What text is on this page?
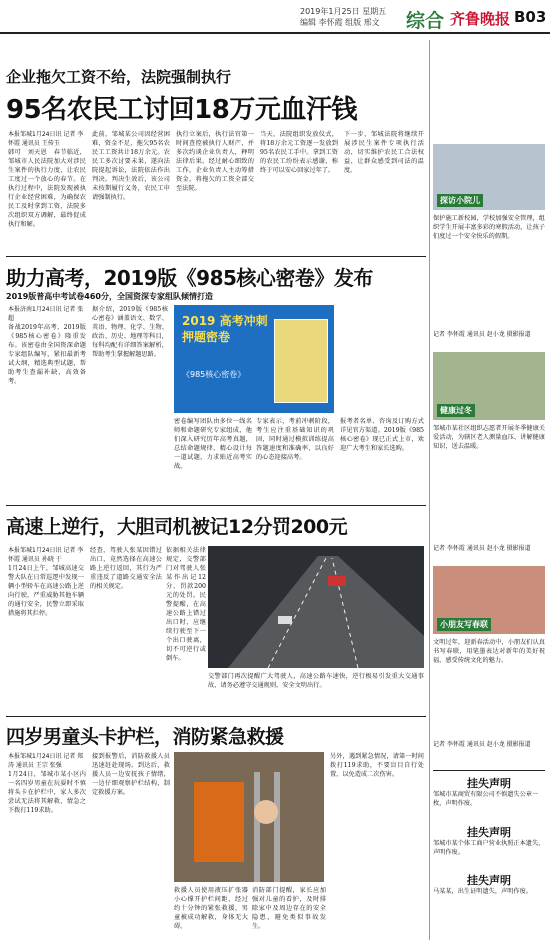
2019年1月25日 星期五
编辑 李怀霞 组版 邢文 综合 齐鲁晚报 B03
企业拖欠工资不给，法院强制执行
95名农民工讨回18万元血汗钱
本报邹城1月24日讯 记者 李怀霞 通讯员 王传玉
韩可　刘天恩　春节临近，邹城市人民法院加大对涉民生案件的执行力度，让农民工度过一个放心的春节。在执行过程中，法院发现被执行企业经营困难，为确保农民工及时拿到工资，法院多次组织双方调解，最终促成执行和解。
此前，邹城某公司因经营困难，资金不足，拖欠95名农民工工资共计18万余元。农民工多次讨要未果，遂向法院提起诉讼，法院依法作出判决。判决生效后，该公司未按期履行义务，农民工申请强制执行。
执行立案后，执行法官第一时间查控被执行人财产，并多次约谈企业负责人，释明法律后果。经过耐心细致的工作，企业负责人主动筹措资金，将拖欠的工资全部交至法院。
当天，法院组织发放仪式，将18万余元工资逐一发放到95名农民工手中。拿到工资的农民工纷纷表示感谢，称终于可以安心回家过年了。
下一步，邹城法院将继续开展涉民生案件专项执行活动，切实维护农民工合法权益，让群众感受到司法的温度。
助力高考，2019版《985核心密卷》发布
2019版普高中考试卷460分，全国资深专家组队倾情打造
本报济南1月24日讯 记者 张超
备战2019年高考，2019版《985核心密卷》隆重发布。该密卷由全国资深命题专家组队编写，紧扣最新考试大纲，精选典型试题，帮助考生查漏补缺，高效备考。
据介绍，2019版《985核心密卷》涵盖语文、数学、英语、物理、化学、生物、政治、历史、地理等科目，每科均配有详细答案解析，帮助考生掌握解题思路。
2019 高考冲刺 押题密卷
《985核心密卷》
密卷编写团队由多位一线名师和命题研究专家组成，他们深入研究历年高考真题，总结命题规律，精心设计每一道试题，力求贴近高考实战。
专家表示，考前冲刺阶段，考生应注重基础知识的巩固，同时通过模拟训练提高答题速度和准确率，以良好的心态迎接高考。
报考者名单、咨询及订购方式详见官方渠道。2019版《985核心密卷》现已正式上市，欢迎广大考生和家长选购。
高速上逆行，大胆司机被记12分罚200元
本报邹城1月24日讯 记者 李怀霞 通讯员 孙晓 于
1月24日上午，邹城高速交警大队在日常巡逻中发现一辆小型轿车在高速公路上逆向行驶，严重威胁其他车辆的通行安全，民警立即采取措施将其拦停。
经查，驾驶人张某因错过出口，竟然选择在高速公路上逆行返回，其行为严重违反了道路交通安全法的相关规定。
依据相关法律规定，交警部门对驾驶人张某作出记12分、罚款200元的处罚。民警提醒，在高速公路上错过出口时，应继续行驶至下一个出口驶离，切不可逆行或倒车。
交警部门再次提醒广大驾驶人，高速公路车速快，逆行极易引发重大交通事故，请务必遵守交通规则，安全文明出行。
四岁男童头卡护栏，消防紧急救援
本报邹城1月24日讯 记者 郑涛 通讯员 王宗 张强
1月24日，邹城市某小区内一名四岁男童在玩耍时不慎将头卡在护栏中，家人多次尝试无法将其解救，情急之下拨打119求助。
接到报警后，消防救援人员迅速赶赴现场。到达后，救援人员一边安抚孩子情绪，一边仔细观察护栏结构，制定救援方案。
救援人员使用液压扩张器小心撑开护栏间距，经过约十分钟的紧张救援，男童被成功解救，身体无大碍。
消防部门提醒，家长应加强对儿童的看护，及时排除家中及周边存在的安全隐患，避免类似事故发生。
另外，遇到紧急情况，请第一时间拨打119求助，不要盲目自行处置，以免造成二次伤害。
探访小院儿
保护施工新校园，学校加强安全管理，组织学生开展丰富多彩的寒假活动，让孩子们度过一个安全快乐的假期。
记者 李怀霞 通讯员 赵小龙 摄影报道
健康过冬
邹城市某社区组织志愿者开展冬季健康关爱活动，为辖区老人测量血压、讲解健康知识，送去温暖。
记者 李怀霞 通讯员 赵小龙 摄影报道
小朋友写春联
文明过年，迎新春活动中，小朋友们认真书写春联，用笔墨表达对新年的美好祝福，感受传统文化的魅力。
记者 李怀霞 通讯员 赵小龙 摄影报道
挂失声明
邹城市某商贸有限公司不慎遗失公章一枚，声明作废。
挂失声明
邹城市某个体工商户营业执照正本遗失，声明作废。
挂失声明
马某某，出生证明遗失，声明作废。
